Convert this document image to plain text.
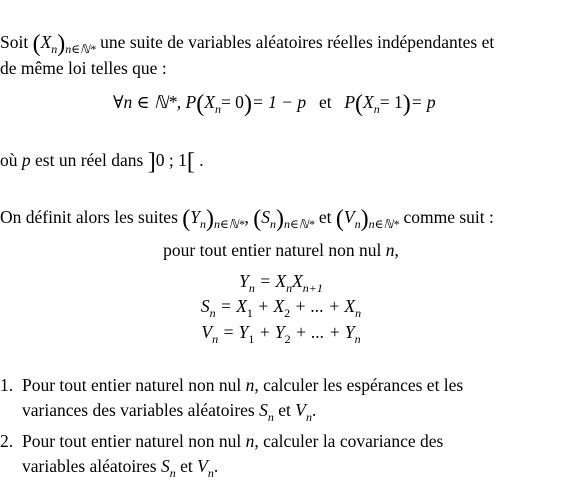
Soit $(X_n)_{n\in ℕ*}$ une suite de variables aléatoires réelles indépendantes et
de même loi telles que :
∀n ∈ ℕ*, $P(X_n= 0)= 1 - p$ et $P(X_n= 1)= p$
où p est un réel dans ]0 ; 1[ .
On définit alors les suites $(Y_n)_{n\in ℕ*}$, $(S_n)_{n\in ℕ*}$ et $(V_n)_{n\in ℕ*}$ comme suit :
pour tout entier naturel non nul n,
$Y_n = X_nX_{n+1}$
$S_n = X_1 + X_2$ + ... + $X_n$
$V_n = Y_1 + Y_2$ + ... + $Y_n$
1. Pour tout entier naturel non nul n, calculer les espérances et les
variances des variables aléatoires $S_n$ et $V_n$.
2. Pour tout entier naturel non nul n, calculer la covariance des
variables aléatoires $S_n$ et $V_n$.
